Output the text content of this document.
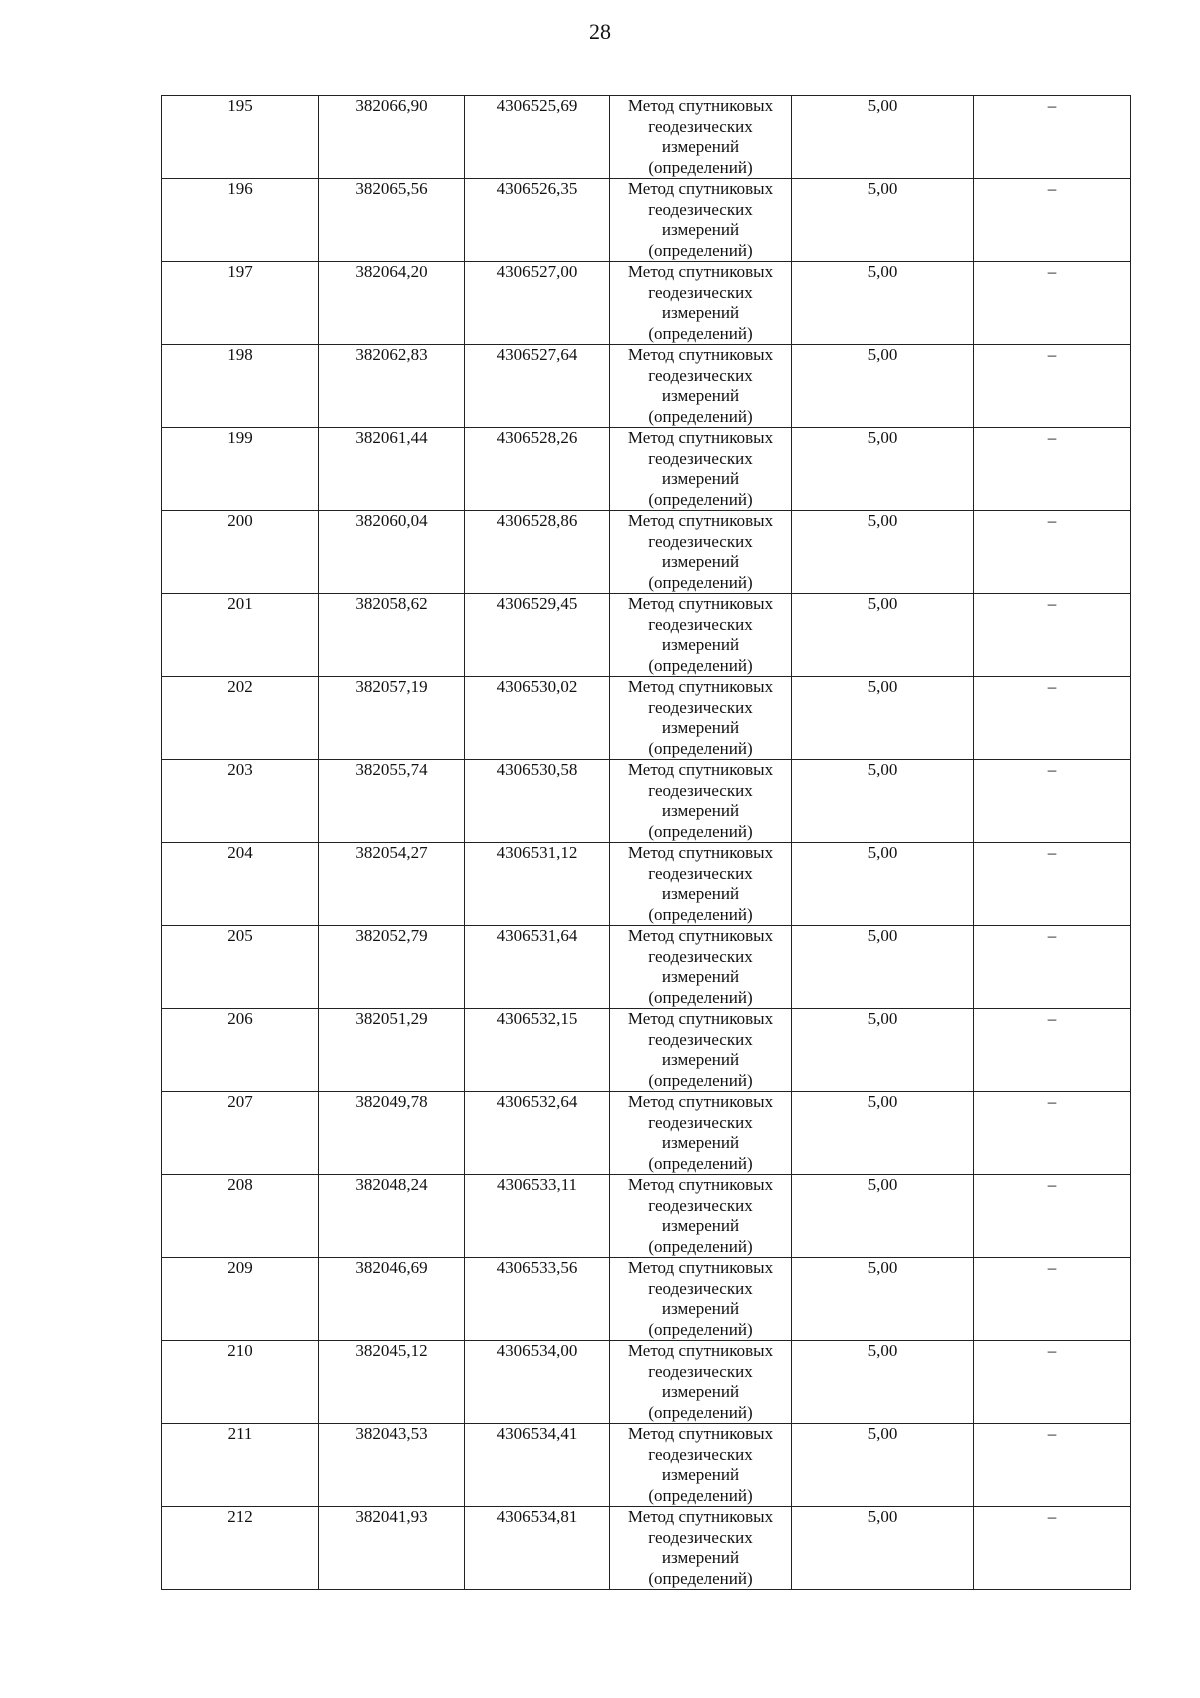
28
195	382066,90	4306525,69	Метод спутниковых геодезических измерений (определений)	5,00	–
196	382065,56	4306526,35	Метод спутниковых геодезических измерений (определений)	5,00	–
197	382064,20	4306527,00	Метод спутниковых геодезических измерений (определений)	5,00	–
198	382062,83	4306527,64	Метод спутниковых геодезических измерений (определений)	5,00	–
199	382061,44	4306528,26	Метод спутниковых геодезических измерений (определений)	5,00	–
200	382060,04	4306528,86	Метод спутниковых геодезических измерений (определений)	5,00	–
201	382058,62	4306529,45	Метод спутниковых геодезических измерений (определений)	5,00	–
202	382057,19	4306530,02	Метод спутниковых геодезических измерений (определений)	5,00	–
203	382055,74	4306530,58	Метод спутниковых геодезических измерений (определений)	5,00	–
204	382054,27	4306531,12	Метод спутниковых геодезических измерений (определений)	5,00	–
205	382052,79	4306531,64	Метод спутниковых геодезических измерений (определений)	5,00	–
206	382051,29	4306532,15	Метод спутниковых геодезических измерений (определений)	5,00	–
207	382049,78	4306532,64	Метод спутниковых геодезических измерений (определений)	5,00	–
208	382048,24	4306533,11	Метод спутниковых геодезических измерений (определений)	5,00	–
209	382046,69	4306533,56	Метод спутниковых геодезических измерений (определений)	5,00	–
210	382045,12	4306534,00	Метод спутниковых геодезических измерений (определений)	5,00	–
211	382043,53	4306534,41	Метод спутниковых геодезических измерений (определений)	5,00	–
212	382041,93	4306534,81	Метод спутниковых геодезических измерений (определений)	5,00	–
